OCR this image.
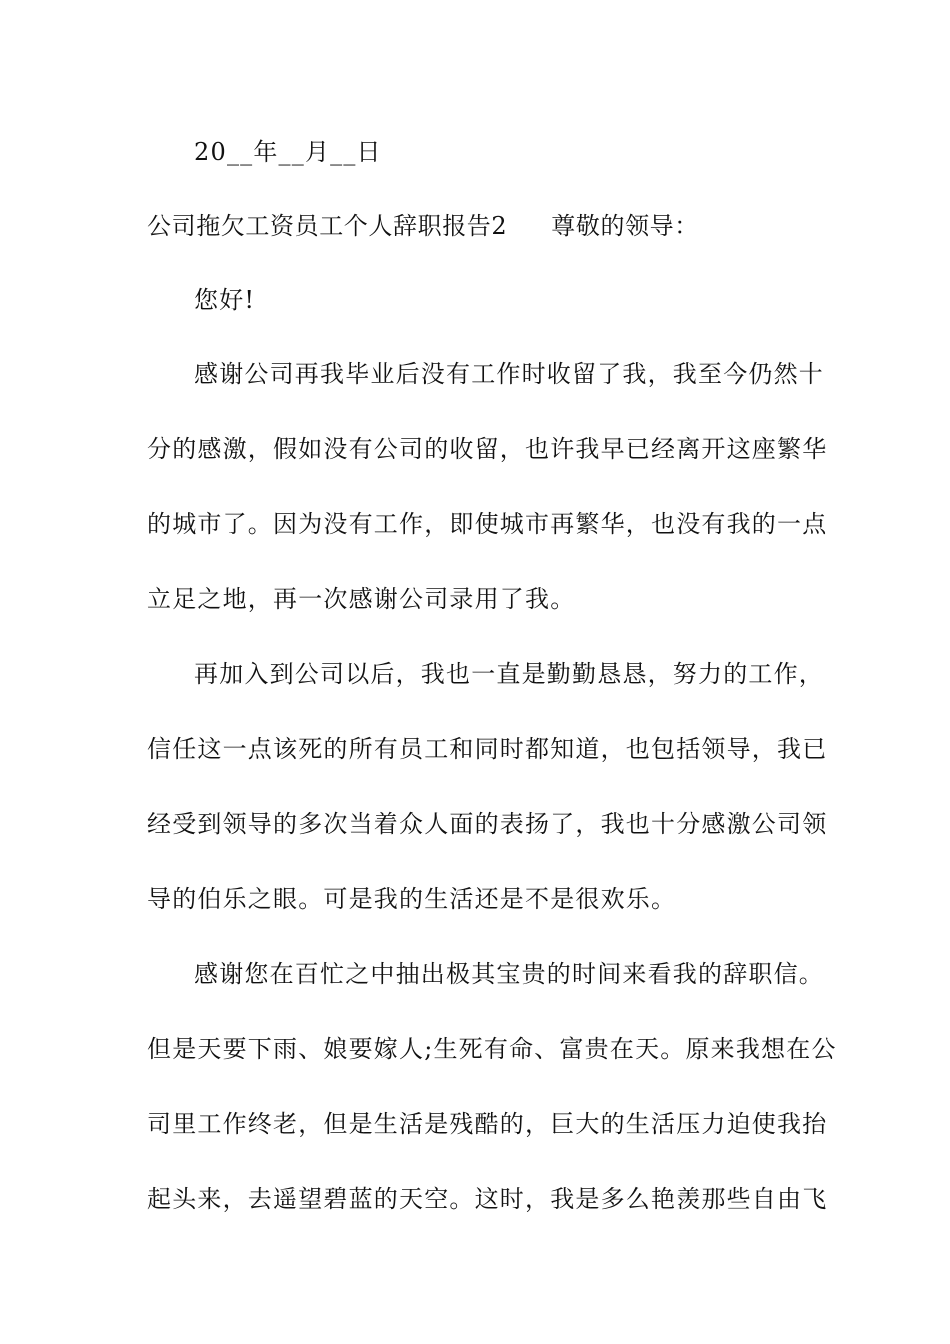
20__年__月__日
公司拖欠工资员工个人辞职报告2 尊敬的领导：
您好!
感谢公司再我毕业后没有工作时收留了我，我至今仍然十
分的感激，假如没有公司的收留，也许我早已经离开这座繁华
的城市了。因为没有工作，即使城市再繁华，也没有我的一点
立足之地，再一次感谢公司录用了我。
再加入到公司以后，我也一直是勤勤恳恳，努力的工作，
信任这一点该死的所有员工和同时都知道，也包括领导，我已
经受到领导的多次当着众人面的表扬了，我也十分感激公司领
导的伯乐之眼。可是我的生活还是不是很欢乐。
感谢您在百忙之中抽出极其宝贵的时间来看我的辞职信。
但是天要下雨、娘要嫁人;生死有命、富贵在天。原来我想在公
司里工作终老，但是生活是残酷的，巨大的生活压力迫使我抬
起头来，去遥望碧蓝的天空。这时，我是多么艳羡那些自由飞
